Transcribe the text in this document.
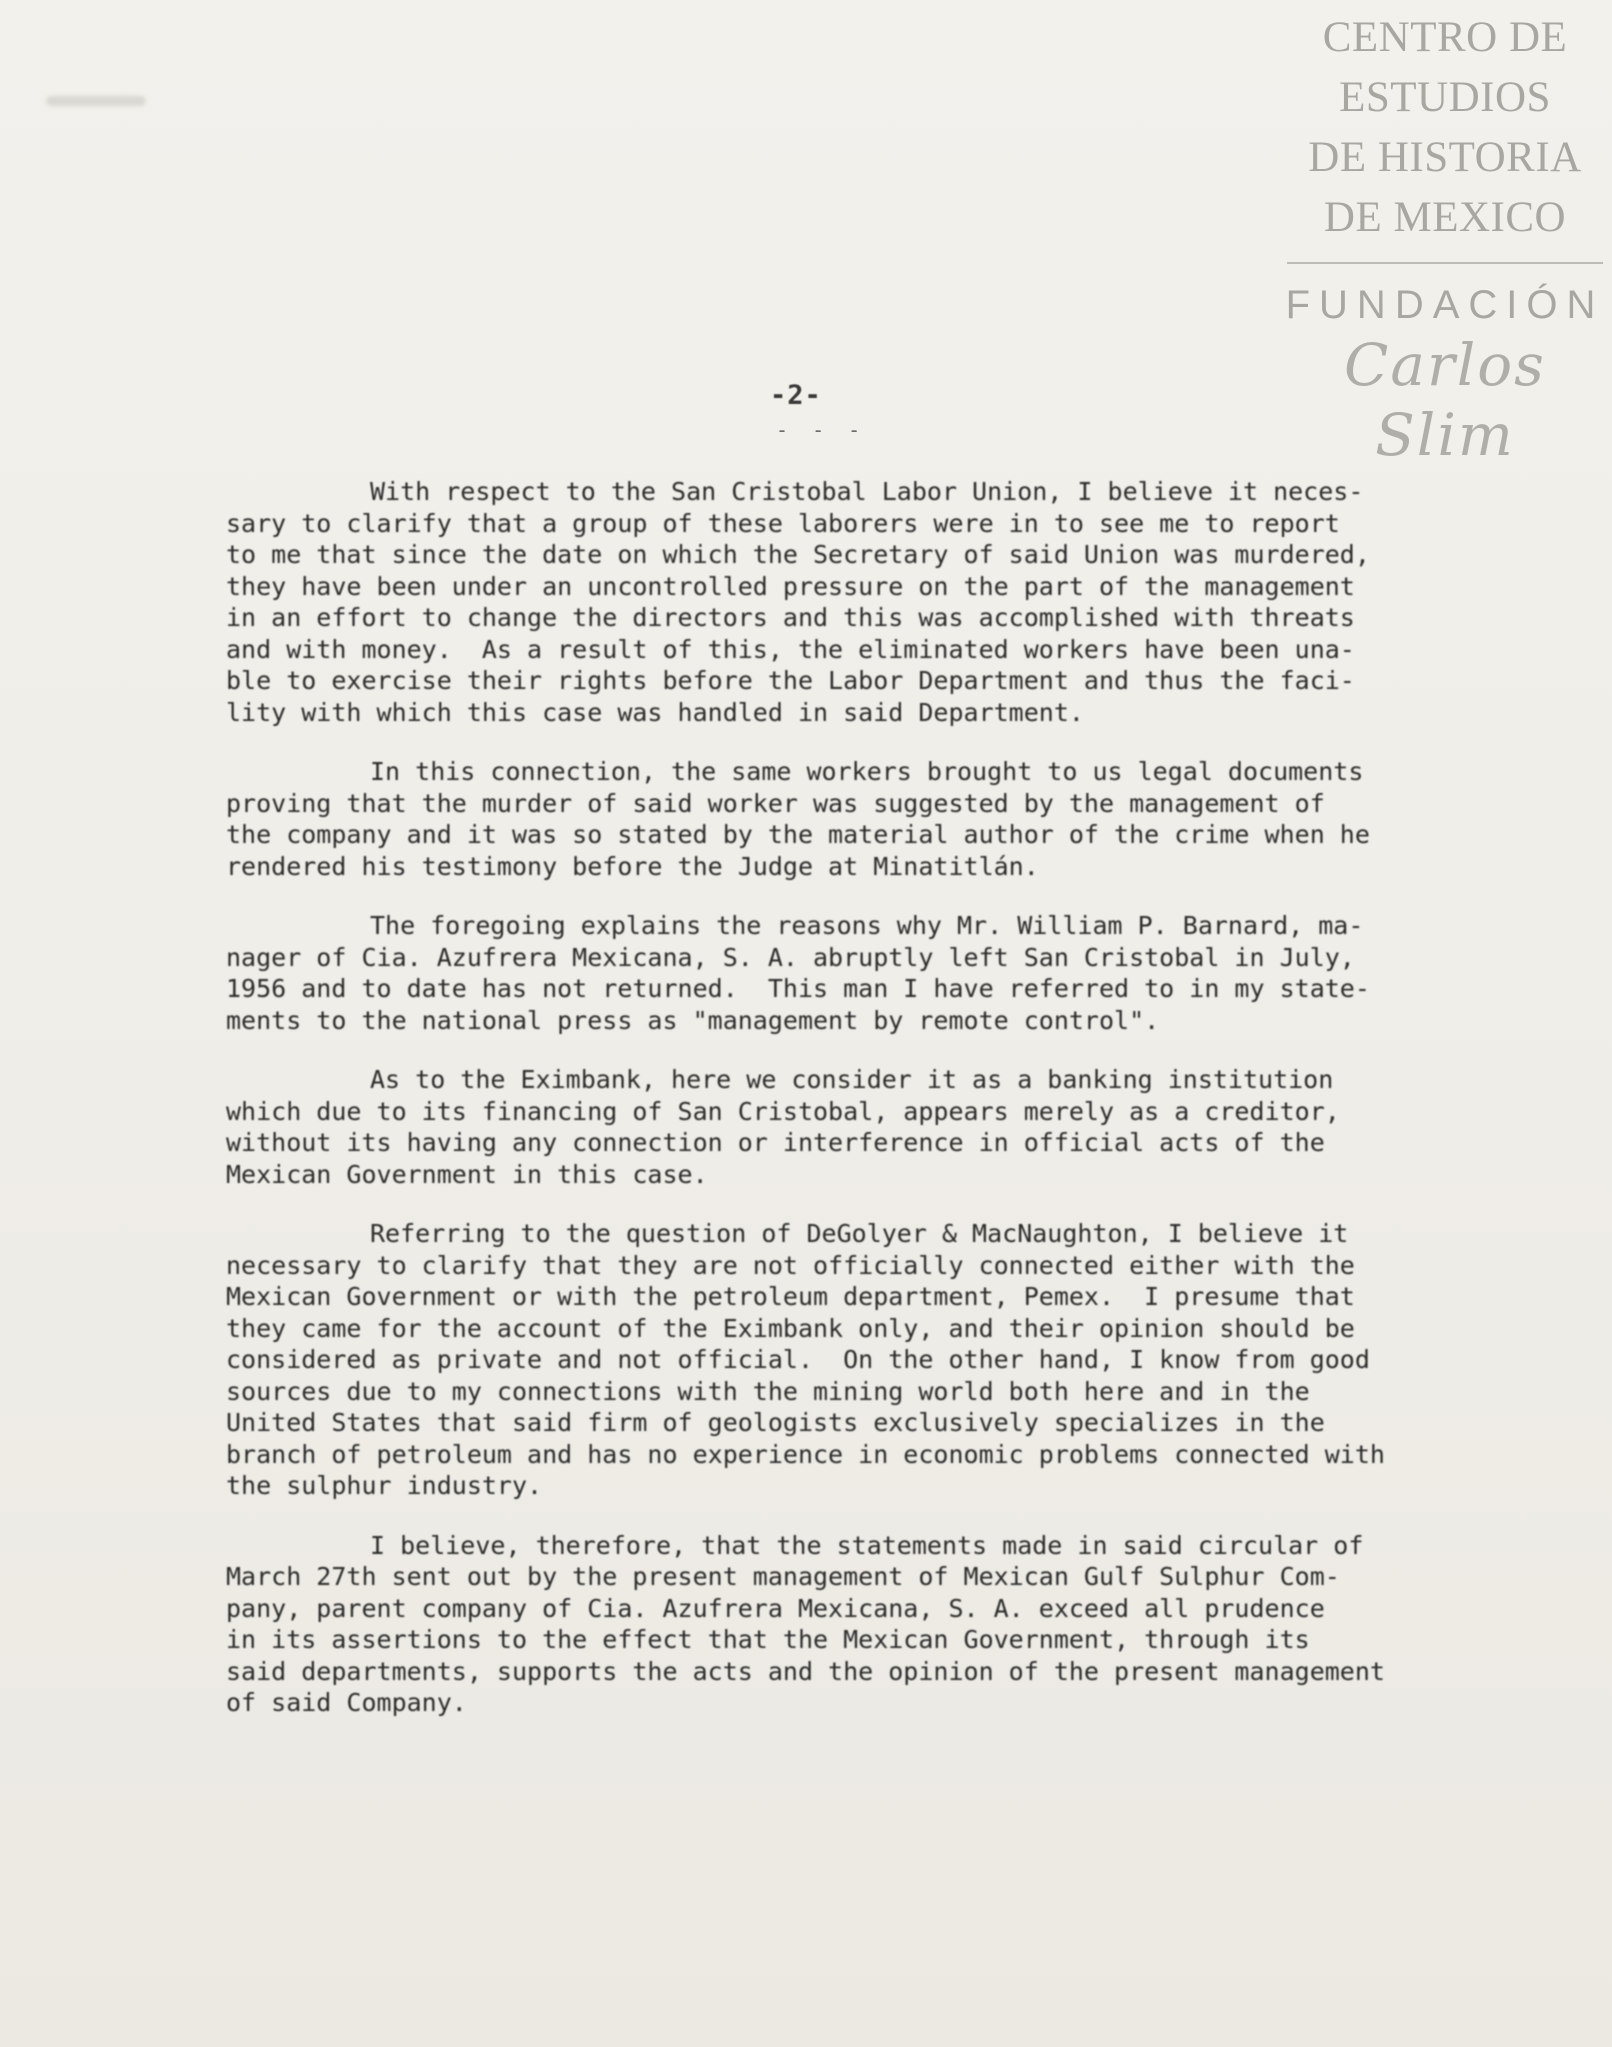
CENTRO DE
ESTUDIOS
DE HISTORIA
DE MEXICO
FUNDACIÓN
Carlos Slim
-2-
- - -
With respect to the San Cristobal Labor Union, I believe it neces-
sary to clarify that a group of these laborers were in to see me to report
to me that since the date on which the Secretary of said Union was murdered,
they have been under an uncontrolled pressure on the part of the management
in an effort to change the directors and this was accomplished with threats
and with money.  As a result of this, the eliminated workers have been una-
ble to exercise their rights before the Labor Department and thus the faci-
lity with which this case was handled in said Department.
In this connection, the same workers brought to us legal documents
proving that the murder of said worker was suggested by the management of
the company and it was so stated by the material author of the crime when he
rendered his testimony before the Judge at Minatitlán.
The foregoing explains the reasons why Mr. William P. Barnard, ma-
nager of Cia. Azufrera Mexicana, S. A. abruptly left San Cristobal in July,
1956 and to date has not returned.  This man I have referred to in my state-
ments to the national press as "management by remote control".
As to the Eximbank, here we consider it as a banking institution
which due to its financing of San Cristobal, appears merely as a creditor,
without its having any connection or interference in official acts of the
Mexican Government in this case.
Referring to the question of DeGolyer & MacNaughton, I believe it
necessary to clarify that they are not officially connected either with the
Mexican Government or with the petroleum department, Pemex.  I presume that
they came for the account of the Eximbank only, and their opinion should be
considered as private and not official.  On the other hand, I know from good
sources due to my connections with the mining world both here and in the
United States that said firm of geologists exclusively specializes in the
branch of petroleum and has no experience in economic problems connected with
the sulphur industry.
I believe, therefore, that the statements made in said circular of
March 27th sent out by the present management of Mexican Gulf Sulphur Com-
pany, parent company of Cia. Azufrera Mexicana, S. A. exceed all prudence
in its assertions to the effect that the Mexican Government, through its
said departments, supports the acts and the opinion of the present management
of said Company.
